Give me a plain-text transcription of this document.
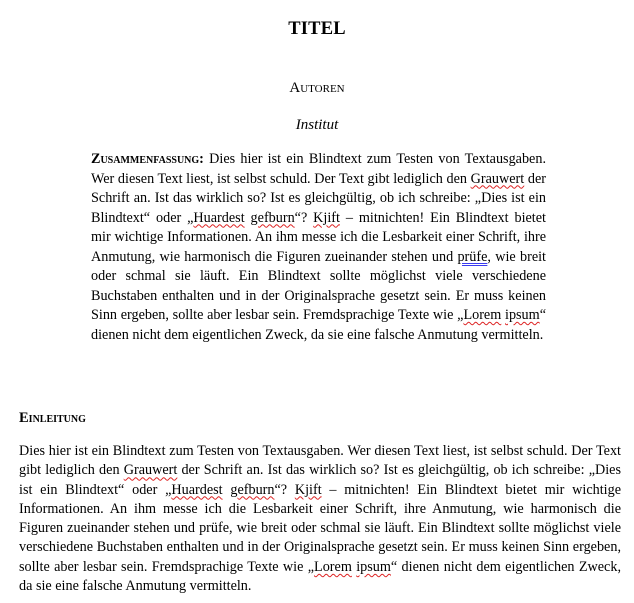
TITEL
Autoren
Institut
Zusammenfassung: Dies hier ist ein Blindtext zum Testen von Textausgaben. Wer diesen Text liest, ist selbst schuld. Der Text gibt lediglich den Grauwert der Schrift an. Ist das wirklich so? Ist es gleichgültig, ob ich schreibe: „Dies ist ein Blindtext“ oder „Huardest gefburn“? Kjift – mitnichten! Ein Blindtext bietet mir wichtige Informationen. An ihm messe ich die Lesbarkeit einer Schrift, ihre Anmutung, wie harmonisch die Figuren zueinander stehen und prüfe, wie breit oder schmal sie läuft. Ein Blindtext sollte möglichst viele verschiedene Buchstaben enthalten und in der Originalsprache gesetzt sein. Er muss keinen Sinn ergeben, sollte aber lesbar sein. Fremdsprachige Texte wie „Lorem ipsum“ dienen nicht dem eigentlichen Zweck, da sie eine falsche Anmutung vermitteln.
Einleitung
Dies hier ist ein Blindtext zum Testen von Textausgaben. Wer diesen Text liest, ist selbst schuld. Der Text gibt lediglich den Grauwert der Schrift an. Ist das wirklich so? Ist es gleichgültig, ob ich schreibe: „Dies ist ein Blindtext“ oder „Huardest gefburn“? Kjift – mitnichten! Ein Blindtext bietet mir wichtige Informationen. An ihm messe ich die Lesbarkeit einer Schrift, ihre Anmutung, wie harmonisch die Figuren zueinander stehen und prüfe, wie breit oder schmal sie läuft. Ein Blindtext sollte möglichst viele verschiedene Buchstaben enthalten und in der Originalsprache gesetzt sein. Er muss keinen Sinn ergeben, sollte aber lesbar sein. Fremdsprachige Texte wie „Lorem ipsum“ dienen nicht dem eigentlichen Zweck, da sie eine falsche Anmutung vermitteln.
